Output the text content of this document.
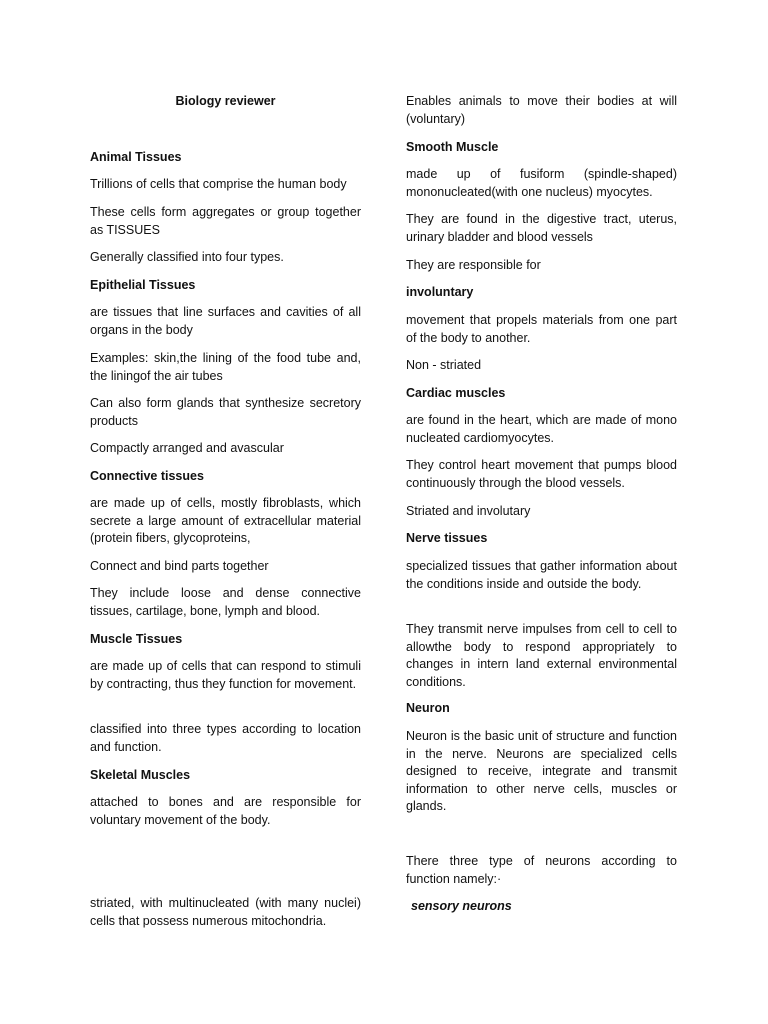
Biology reviewer

Animal Tissues

Trillions of cells that comprise the human body

These cells form aggregates or group together as TISSUES

Generally classified into four types.

Epithelial Tissues

are tissues that line surfaces and cavities of all organs in the body

Examples: skin,the lining of the food tube and, the liningof the air tubes

Can also form glands that synthesize secretory products

Compactly arranged and avascular

Connective tissues

are made up of cells, mostly fibroblasts, which secrete a large amount of extracellular material (protein fibers, glycoproteins,

Connect and bind parts together

They include loose and dense connective tissues, cartilage, bone, lymph and blood.

Muscle Tissues

are made up of cells that can respond to stimuli by contracting, thus they function for movement.

classified into three types according to location and function.

Skeletal Muscles

attached to bones and are responsible for voluntary movement of the body.

striated, with multinucleated (with many nuclei) cells that possess numerous mitochondria.

Enables animals to move their bodies at will (voluntary)

Smooth Muscle

made up of fusiform (spindle-shaped) mononucleated(with one nucleus) myocytes.

They are found in the digestive tract, uterus, urinary bladder and blood vessels

They are responsible for

involuntary

movement that propels materials from one part of the body to another.

Non - striated

Cardiac muscles

are found in the heart, which are made of mono nucleated cardiomyocytes.

They control heart movement that pumps blood continuously through the blood vessels.

Striated and involutary

Nerve tissues

specialized tissues that gather information about the conditions inside and outside the body.

They transmit nerve impulses from cell to cell to allowthe body to respond appropriately to changes in intern land external environmental conditions.

Neuron

Neuron is the basic unit of structure and function in the nerve. Neurons are specialized cells designed to receive, integrate and transmit information to other nerve cells, muscles or glands.

There three type of neurons according to function namely:·

sensory neurons
